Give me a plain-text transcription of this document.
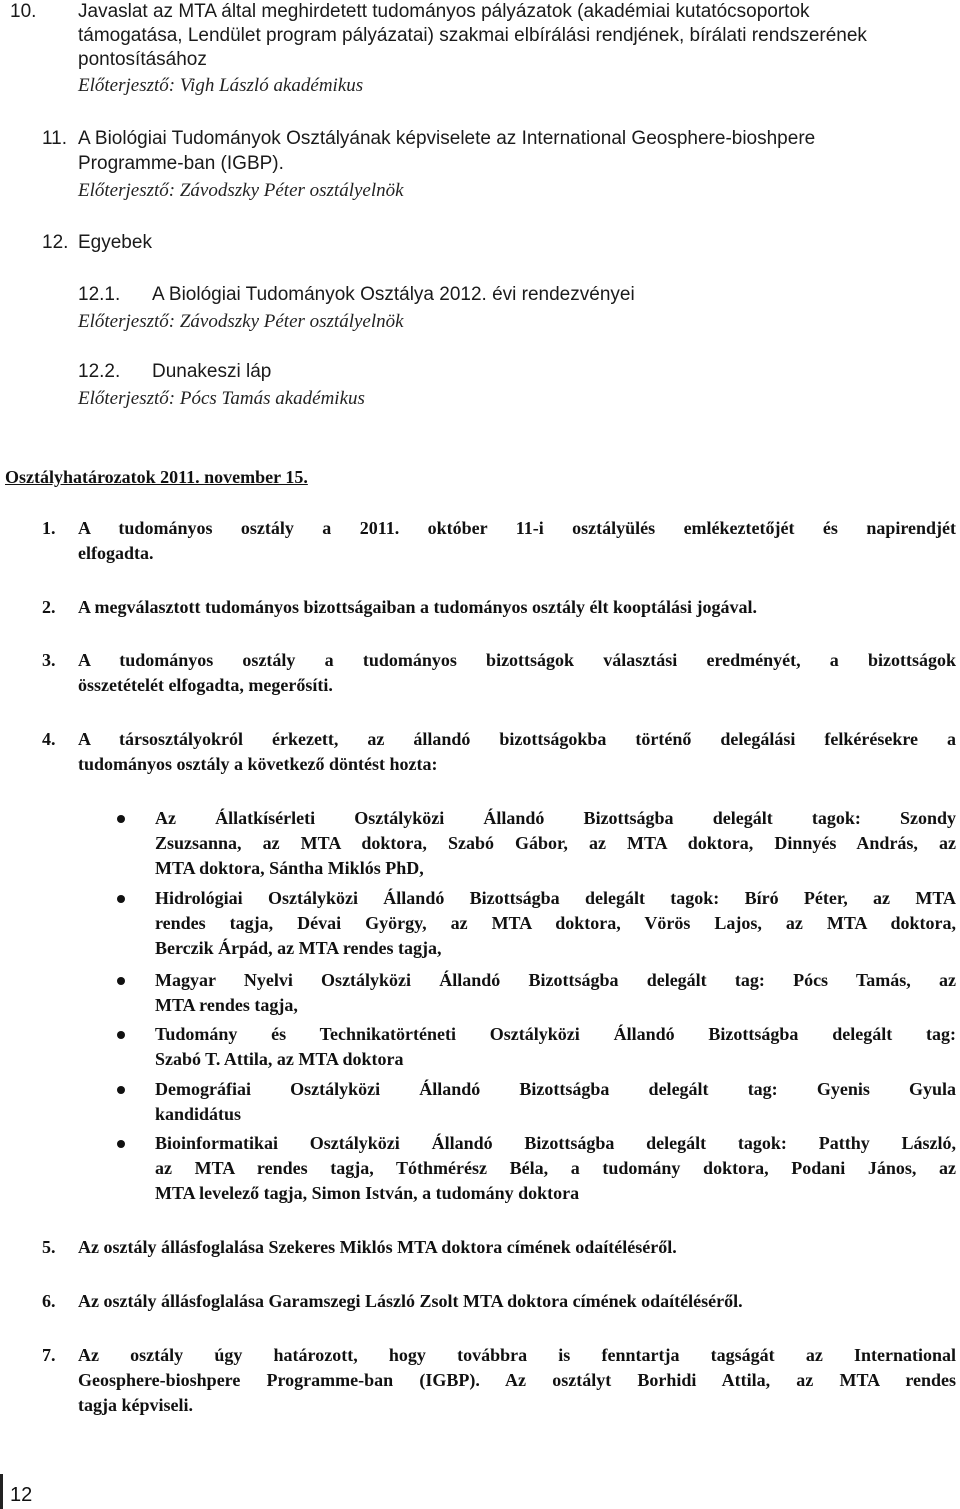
10. Javaslat az MTA által meghirdetett tudományos pályázatok (akadémiai kutatócsoportok
támogatása, Lendület program pályázatai) szakmai elbírálási rendjének, bírálati rendszerének
pontosításához
Előterjesztő: Vigh László akadémikus
11. A Biológiai Tudományok Osztályának képviselete az International Geosphere-bioshpere
Programme-ban (IGBP).
Előterjesztő: Závodszky Péter osztályelnök
12. Egyebek
12.1. A Biológiai Tudományok Osztálya 2012. évi rendezvényei
Előterjesztő: Závodszky Péter osztályelnök
12.2. Dunakeszi láp
Előterjesztő: Pócs Tamás akadémikus
Osztályhatározatok 2011. november 15.
1. A tudományos osztály a 2011. október 11-i osztályülés emlékeztetőjét és napirendjét
elfogadta.
2. A megválasztott tudományos bizottságaiban a tudományos osztály élt kooptálási jogával.
3. A tudományos osztály a tudományos bizottságok választási eredményét, a bizottságok
összetételét elfogadta, megerősíti.
4. A társosztályokról érkezett, az állandó bizottságokba történő delegálási felkérésekre a
tudományos osztály a következő döntést hozta:
Az Állatkísérleti Osztályközi Állandó Bizottságba delegált tagok: Szondy
Zsuzsanna, az MTA doktora, Szabó Gábor, az MTA doktora, Dinnyés András, az
MTA doktora, Sántha Miklós PhD,
Hidrológiai Osztályközi Állandó Bizottságba delegált tagok: Bíró Péter, az MTA
rendes tagja, Dévai György, az MTA doktora, Vörös Lajos, az MTA doktora,
Berczik Árpád, az MTA rendes tagja,
Magyar Nyelvi Osztályközi Állandó Bizottságba delegált tag: Pócs Tamás, az
MTA rendes tagja,
Tudomány és Technikatörténeti Osztályközi Állandó Bizottságba delegált tag:
Szabó T. Attila, az MTA doktora
Demográfiai Osztályközi Állandó Bizottságba delegált tag: Gyenis Gyula
kandidátus
Bioinformatikai Osztályközi Állandó Bizottságba delegált tagok: Patthy László,
az MTA rendes tagja, Tóthmérész Béla, a tudomány doktora, Podani János, az
MTA levelező tagja, Simon István, a tudomány doktora
5. Az osztály állásfoglalása Szekeres Miklós MTA doktora címének odaítéléséről.
6. Az osztály állásfoglalása Garamszegi László Zsolt MTA doktora címének odaítéléséről.
7. Az osztály úgy határozott, hogy továbbra is fenntartja tagságát az International
Geosphere-bioshpere Programme-ban (IGBP). Az osztályt Borhidi Attila, az MTA rendes
tagja képviseli.
12
